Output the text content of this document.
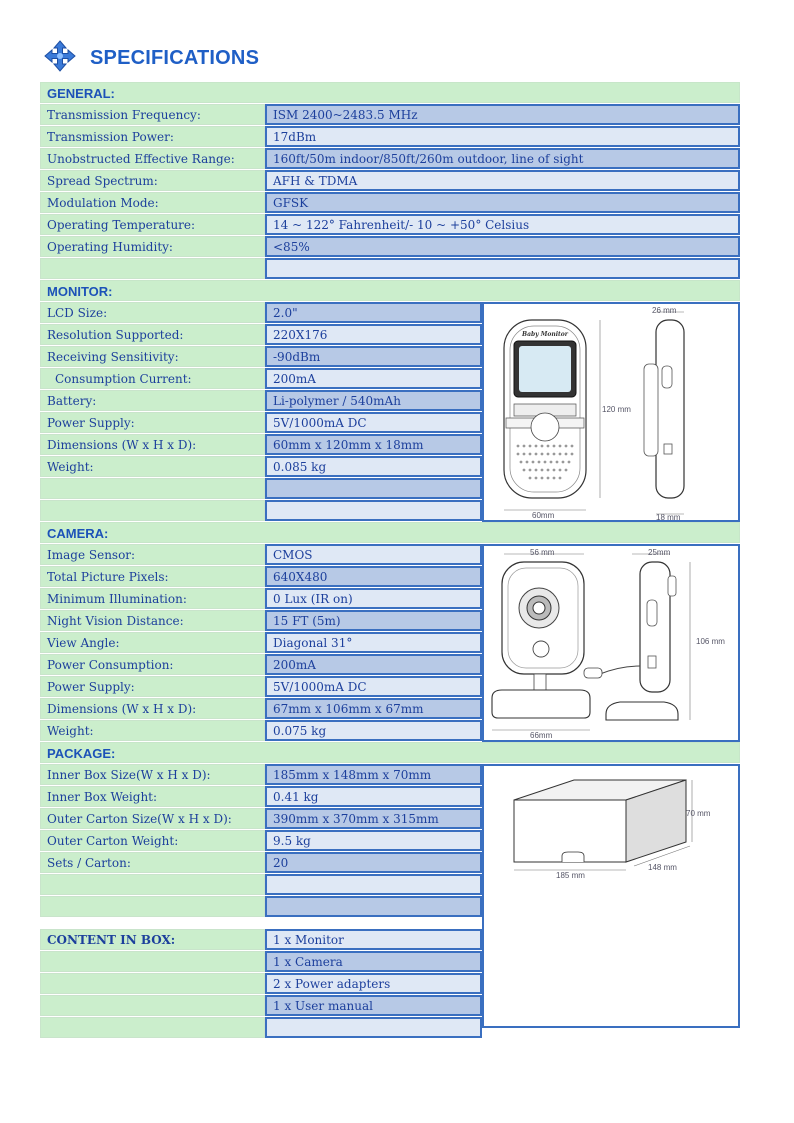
SPECIFICATIONS
GENERAL:
Transmission Frequency:	ISM 2400~2483.5 MHz
Transmission Power:	17dBm
Unobstructed Effective Range:	160ft/50m indoor/850ft/260m outdoor, line of sight
Spread Spectrum:	AFH & TDMA
Modulation Mode:	GFSK
Operating Temperature:	14 ~ 122° Fahrenheit/- 10 ~ +50° Celsius
Operating Humidity:	<85%
MONITOR:
LCD Size:	2.0"
Resolution Supported:	220X176
Receiving Sensitivity:	-90dBm
Consumption Current:	200mA
Battery:	Li-polymer / 540mAh
Power Supply:	5V/1000mA DC
Dimensions (W x H x D):	60mm x 120mm x 18mm
Weight:	0.085 kg
Baby Monitor
120 mm
60mm
26 mm
18 mm
CAMERA:
Image Sensor:	CMOS
Total Picture Pixels:	640X480
Minimum Illumination:	0 Lux (IR on)
Night Vision Distance:	15 FT (5m)
View Angle:	Diagonal 31°
Power Consumption:	200mA
Power Supply:	5V/1000mA DC
Dimensions (W x H x D):	67mm x 106mm x 67mm
Weight:	0.075 kg
56 mm
66mm
25mm
106 mm
PACKAGE:
Inner Box Size(W x H x D):	185mm x 148mm x 70mm
Inner Box Weight:	0.41 kg
Outer Carton Size(W x H x D):	390mm x 370mm x 315mm
Outer Carton Weight:	9.5 kg
Sets / Carton:	20
CONTENT IN BOX:	1 x Monitor
1 x Camera
2 x Power adapters
1 x User manual
185 mm
70 mm
148 mm
